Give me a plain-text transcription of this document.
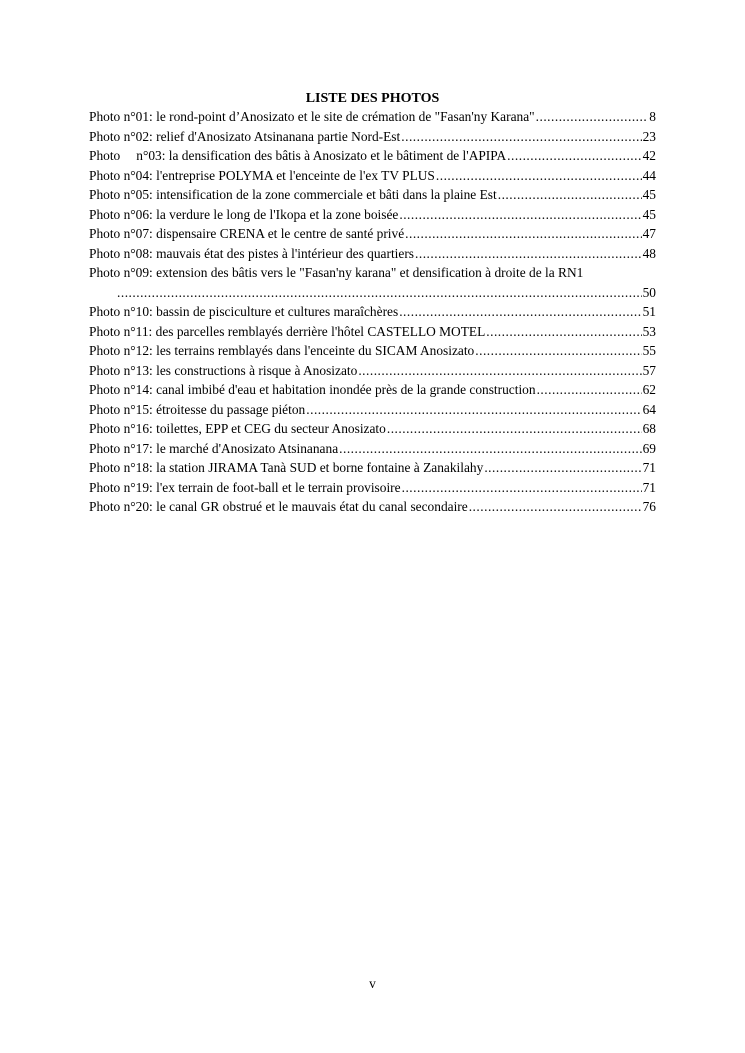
LISTE DES PHOTOS
Photo n°01: le rond-point d’Anosizato et le site de crémation de "Fasan'ny Karana" .....	8
Photo n°02: relief d'Anosizato Atsinanana partie Nord-Est .....	23
Photo n°03: la densification des bâtis à Anosizato et le bâtiment de l'APIPA .....	42
Photo n°04: l'entreprise POLYMA et l'enceinte de l'ex TV PLUS .....	44
Photo n°05: intensification de la zone commerciale et bâti dans la plaine Est .....	45
Photo n°06: la verdure le long de l'Ikopa et la zone boisée .....	45
Photo n°07: dispensaire CRENA et le centre de santé privé .....	47
Photo n°08: mauvais état des pistes à l'intérieur des quartiers .....	48
Photo n°09: extension des bâtis vers le "Fasan'ny karana" et densification à droite de la RN1
.....
50
Photo n°10: bassin de pisciculture et cultures maraîchères .....	51
Photo n°11: des parcelles remblayés derrière l'hôtel CASTELLO MOTEL .....	53
Photo n°12: les terrains remblayés dans l'enceinte du SICAM Anosizato .....	55
Photo n°13: les constructions à risque à Anosizato .....	57
Photo n°14: canal imbibé d'eau et habitation inondée près de la grande construction .....	62
Photo n°15: étroitesse du passage piéton .....	64
Photo n°16: toilettes, EPP et CEG du secteur Anosizato .....	68
Photo n°17: le marché d'Anosizato Atsinanana .....	69
Photo n°18: la station JIRAMA Tanà SUD et borne fontaine à Zanakilahy .....	71
Photo n°19: l'ex terrain de foot-ball et le terrain provisoire .....	71
Photo n°20: le canal GR obstrué et le mauvais état du canal secondaire .....	76
v
